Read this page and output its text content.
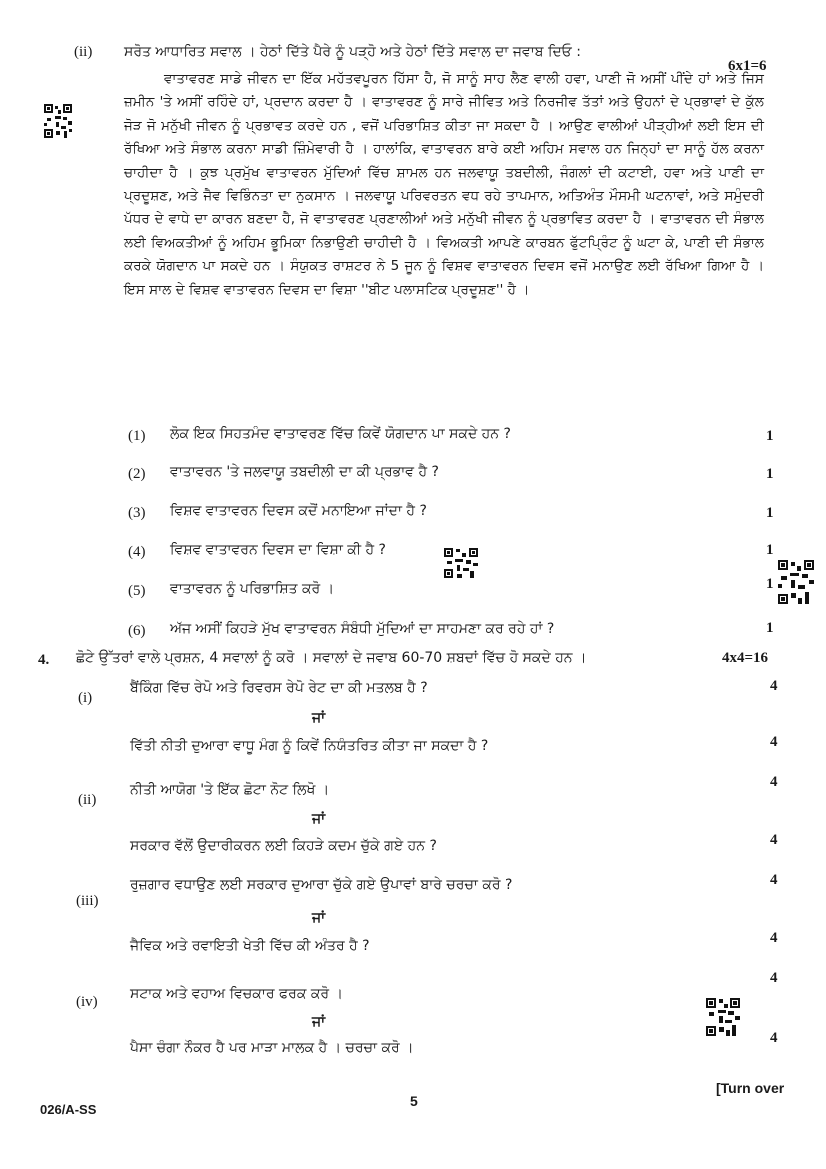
(ii) ਸਰੋਤ ਆਧਾਰਿਤ ਸਵਾਲ । ਹੇਠਾਂ ਦਿੱਤੇ ਪੈਰੇ ਨੂੰ ਪੜ੍ਹੋ ਅਤੇ ਹੇਠਾਂ ਦਿੱਤੇ ਸਵਾਲ ਦਾ ਜਵਾਬ ਦਿਓ :
6x1=6
ਵਾਤਾਵਰਣ ਸਾਡੇ ਜੀਵਨ ਦਾ ਇੱਕ ਮਹੱਤਵਪੂਰਨ ਹਿੱਸਾ ਹੈ, ਜੋ ਸਾਨੂੰ ਸਾਹ ਲੈਣ ਵਾਲੀ ਹਵਾ, ਪਾਣੀ ਜੋ ਅਸੀਂ ਪੀਂਦੇ ਹਾਂ ਅਤੇ ਜਿਸ ਜ਼ਮੀਨ 'ਤੇ ਅਸੀਂ ਰਹਿੰਦੇ ਹਾਂ, ਪ੍ਰਦਾਨ ਕਰਦਾ ਹੈ । ਵਾਤਾਵਰਣ ਨੂੰ ਸਾਰੇ ਜੀਵਿਤ ਅਤੇ ਨਿਰਜੀਵ ਤੱਤਾਂ ਅਤੇ ਉਹਨਾਂ ਦੇ ਪ੍ਰਭਾਵਾਂ ਦੇ ਕੁੱਲ ਜੋੜ ਜੋ ਮਨੁੱਖੀ ਜੀਵਨ ਨੂੰ ਪ੍ਰਭਾਵਤ ਕਰਦੇ ਹਨ , ਵਜੋਂ ਪਰਿਭਾਸ਼ਿਤ ਕੀਤਾ ਜਾ ਸਕਦਾ ਹੈ । ਆਉਣ ਵਾਲੀਆਂ ਪੀੜ੍ਹੀਆਂ ਲਈ ਇਸ ਦੀ ਰੱਖਿਆ ਅਤੇ ਸੰਭਾਲ ਕਰਨਾ ਸਾਡੀ ਜ਼ਿੰਮੇਵਾਰੀ ਹੈ । ਹਾਲਾਂਕਿ, ਵਾਤਾਵਰਨ ਬਾਰੇ ਕਈ ਅਹਿਮ ਸਵਾਲ ਹਨ ਜਿਨ੍ਹਾਂ ਦਾ ਸਾਨੂੰ ਹੱਲ ਕਰਨਾ ਚਾਹੀਦਾ ਹੈ । ਕੁਝ ਪ੍ਰਮੁੱਖ ਵਾਤਾਵਰਨ ਮੁੱਦਿਆਂ ਵਿੱਚ ਸ਼ਾਮਲ ਹਨ ਜਲਵਾਯੂ ਤਬਦੀਲੀ, ਜੰਗਲਾਂ ਦੀ ਕਟਾਈ, ਹਵਾ ਅਤੇ ਪਾਣੀ ਦਾ ਪ੍ਰਦੂਸ਼ਣ, ਅਤੇ ਜੈਵ ਵਿਭਿੰਨਤਾ ਦਾ ਨੁਕਸਾਨ । ਜਲਵਾਯੂ ਪਰਿਵਰਤਨ ਵਧ ਰਹੇ ਤਾਪਮਾਨ, ਅਤਿਅੰਤ ਮੌਸਮੀ ਘਟਨਾਵਾਂ, ਅਤੇ ਸਮੁੰਦਰੀ ਪੱਧਰ ਦੇ ਵਾਧੇ ਦਾ ਕਾਰਨ ਬਣਦਾ ਹੈ, ਜੋ ਵਾਤਾਵਰਣ ਪ੍ਰਣਾਲੀਆਂ ਅਤੇ ਮਨੁੱਖੀ ਜੀਵਨ ਨੂੰ ਪ੍ਰਭਾਵਿਤ ਕਰਦਾ ਹੈ । ਵਾਤਾਵਰਨ ਦੀ ਸੰਭਾਲ ਲਈ ਵਿਅਕਤੀਆਂ ਨੂੰ ਅਹਿਮ ਭੂਮਿਕਾ ਨਿਭਾਉਣੀ ਚਾਹੀਦੀ ਹੈ । ਵਿਅਕਤੀ ਆਪਣੇ ਕਾਰਬਨ ਫੁੱਟਪ੍ਰਿੰਟ ਨੂੰ ਘਟਾ ਕੇ, ਪਾਣੀ ਦੀ ਸੰਭਾਲ ਕਰਕੇ ਯੋਗਦਾਨ ਪਾ ਸਕਦੇ ਹਨ । ਸੰਯੁਕਤ ਰਾਸ਼ਟਰ ਨੇ 5 ਜੂਨ ਨੂੰ ਵਿਸ਼ਵ ਵਾਤਾਵਰਨ ਦਿਵਸ ਵਜੋਂ ਮਨਾਉਣ ਲਈ ਰੱਖਿਆ ਗਿਆ ਹੈ । ਇਸ ਸਾਲ ਦੇ ਵਿਸ਼ਵ ਵਾਤਾਵਰਨ ਦਿਵਸ ਦਾ ਵਿਸ਼ਾ ''ਬੀਟ ਪਲਾਸਟਿਕ ਪ੍ਰਦੂਸ਼ਣ'' ਹੈ ।
(1) ਲੋਕ ਇਕ ਸਿਹਤਮੰਦ ਵਾਤਾਵਰਣ ਵਿੱਚ ਕਿਵੇਂ ਯੋਗਦਾਨ ਪਾ ਸਕਦੇ ਹਨ ?	1
(2) ਵਾਤਾਵਰਨ 'ਤੇ ਜਲਵਾਯੂ ਤਬਦੀਲੀ ਦਾ ਕੀ ਪ੍ਰਭਾਵ ਹੈ ?	1
(3) ਵਿਸ਼ਵ ਵਾਤਾਵਰਨ ਦਿਵਸ ਕਦੋਂ ਮਨਾਇਆ ਜਾਂਦਾ ਹੈ ?	1
(4) ਵਿਸ਼ਵ ਵਾਤਾਵਰਨ ਦਿਵਸ ਦਾ ਵਿਸ਼ਾ ਕੀ ਹੈ ?	1
(5) ਵਾਤਾਵਰਨ ਨੂੰ ਪਰਿਭਾਸ਼ਿਤ ਕਰੋ ।	1
(6) ਅੱਜ ਅਸੀਂ ਕਿਹੜੇ ਮੁੱਖ ਵਾਤਾਵਰਨ ਸੰਬੰਧੀ ਮੁੱਦਿਆਂ ਦਾ ਸਾਹਮਣਾ ਕਰ ਰਹੇ ਹਾਂ ?	1
4. ਛੋਟੇ ਉੱਤਰਾਂ ਵਾਲੇ ਪ੍ਰਸ਼ਨ, 4 ਸਵਾਲਾਂ ਨੂੰ ਕਰੋ । ਸਵਾਲਾਂ ਦੇ ਜਵਾਬ 60-70 ਸ਼ਬਦਾਂ ਵਿੱਚ ਹੋ ਸਕਦੇ ਹਨ ।	4x4=16
(i)
ਬੈਂਕਿੰਗ ਵਿੱਚ ਰੇਪੋ ਅਤੇ ਰਿਵਰਸ ਰੇਪੋ ਰੇਟ ਦਾ ਕੀ ਮਤਲਬ ਹੈ ?	4
ਜਾਂ
ਵਿੱਤੀ ਨੀਤੀ ਦੁਆਰਾ ਵਾਧੂ ਮੰਗ ਨੂੰ ਕਿਵੇਂ ਨਿਯੰਤਰਿਤ ਕੀਤਾ ਜਾ ਸਕਦਾ ਹੈ ?	4
(ii)
ਨੀਤੀ ਆਯੋਗ 'ਤੇ ਇੱਕ ਛੋਟਾ ਨੋਟ ਲਿਖੋ ।	4
ਜਾਂ
ਸਰਕਾਰ ਵੱਲੋਂ ਉਦਾਰੀਕਰਨ ਲਈ ਕਿਹੜੇ ਕਦਮ ਚੁੱਕੇ ਗਏ ਹਨ ?	4
(iii)
ਰੁਜ਼ਗਾਰ ਵਧਾਉਣ ਲਈ ਸਰਕਾਰ ਦੁਆਰਾ ਚੁੱਕੇ ਗਏ ਉਪਾਵਾਂ ਬਾਰੇ ਚਰਚਾ ਕਰੋ ?	4
ਜਾਂ
ਜੈਵਿਕ ਅਤੇ ਰਵਾਇਤੀ ਖੇਤੀ ਵਿੱਚ ਕੀ ਅੰਤਰ ਹੈ ?	4
(iv) ਸਟਾਕ ਅਤੇ ਵਹਾਅ ਵਿਚਕਾਰ ਫਰਕ ਕਰੋ ।
4
ਜਾਂ
ਪੈਸਾ ਚੰਗਾ ਨੌਕਰ ਹੈ ਪਰ ਮਾੜਾ ਮਾਲਕ ਹੈ । ਚਰਚਾ ਕਰੋ ।
4
026/A-SS
5
[Turn over
